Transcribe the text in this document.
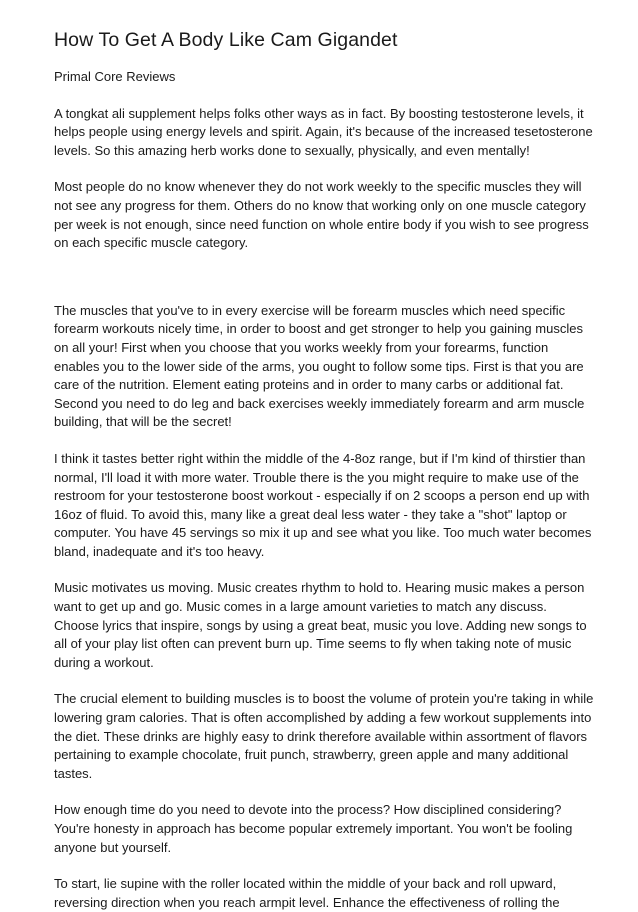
How To Get A Body Like Cam Gigandet

Primal Core Reviews

A tongkat ali supplement helps folks other ways as in fact. By boosting testosterone levels, it helps people using energy levels and spirit. Again, it's because of the increased tesetosterone levels. So this amazing herb works done to sexually, physically, and even mentally!

Most people do no know whenever they do not work weekly to the specific muscles they will not see any progress for them. Others do no know that working only on one muscle category per week is not enough, since need function on whole entire body if you wish to see progress on each specific muscle category.

The muscles that you've to in every exercise will be forearm muscles which need specific forearm workouts nicely time, in order to boost and get stronger to help you gaining muscles on all your! First when you choose that you works weekly from your forearms, function enables you to the lower side of the arms, you ought to follow some tips. First is that you are care of the nutrition. Element eating proteins and in order to many carbs or additional fat. Second you need to do leg and back exercises weekly immediately forearm and arm muscle building, that will be the secret!

I think it tastes better right within the middle of the 4-8oz range, but if I'm kind of thirstier than normal, I'll load it with more water. Trouble there is the you might require to make use of the restroom for your testosterone boost workout - especially if on 2 scoops a person end up with 16oz of fluid. To avoid this, many like a great deal less water - they take a "shot" laptop or computer. You have 45 servings so mix it up and see what you like. Too much water becomes bland, inadequate and it's too heavy.

Music motivates us moving. Music creates rhythm to hold to. Hearing music makes a person want to get up and go. Music comes in a large amount varieties to match any discuss. Choose lyrics that inspire, songs by using a great beat, music you love. Adding new songs to all of your play list often can prevent burn up. Time seems to fly when taking note of music during a workout.

The crucial element to building muscles is to boost the volume of protein you're taking in while lowering gram calories. That is often accomplished by adding a few workout supplements into the diet. These drinks are highly easy to drink therefore available within assortment of flavors pertaining to example chocolate, fruit punch, strawberry, green apple and many additional tastes.

How enough time do you need to devote into the process? How disciplined considering? You're honesty in approach has become popular extremely important. You won't be fooling anyone but yourself.

To start, lie supine with the roller located within the middle of your back and roll upward, reversing direction when you reach armpit level. Enhance the effectiveness of rolling the
